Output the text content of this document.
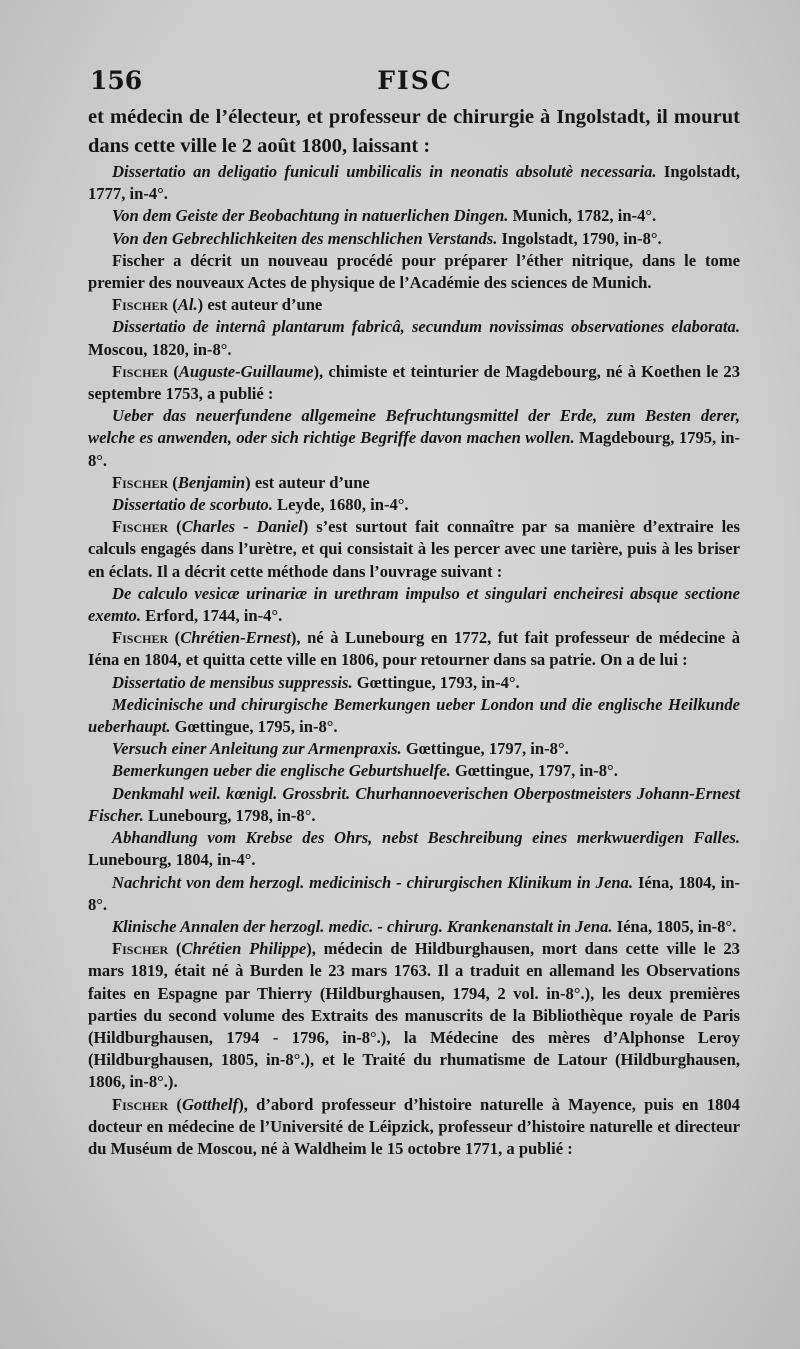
156	FISC

et médecin de l’électeur, et professeur de chirurgie à Ingolstadt, il mourut dans cette ville le 2 août 1800, laissant :

Dissertatio an deligatio funiculi umbilicalis in neonatis absolutè necessaria. Ingolstadt, 1777, in-4°.

Von dem Geiste der Beobachtung in natuerlichen Dingen. Munich, 1782, in-4°.

Von den Gebrechlichkeiten des menschlichen Verstands. Ingolstadt, 1790, in-8°.

Fischer a décrit un nouveau procédé pour préparer l’éther nitrique, dans le tome premier des nouveaux Actes de physique de l’Académie des sciences de Munich.

Fischer (Al.) est auteur d’une

Dissertatio de internâ plantarum fabricâ, secundum novissimas observationes elaborata. Moscou, 1820, in-8°.

Fischer (Auguste-Guillaume), chimiste et teinturier de Magdebourg, né à Koethen le 23 septembre 1753, a publié :

Ueber das neuerfundene allgemeine Befruchtungsmittel der Erde, zum Besten derer, welche es anwenden, oder sich richtige Begriffe davon machen wollen. Magdebourg, 1795, in-8°.

Fischer (Benjamin) est auteur d’une

Dissertatio de scorbuto. Leyde, 1680, in-4°.

Fischer (Charles - Daniel) s’est surtout fait connaître par sa manière d’extraire les calculs engagés dans l’urètre, et qui consistait à les percer avec une tarière, puis à les briser en éclats. Il a décrit cette méthode dans l’ouvrage suivant :

De calculo vesicæ urinariæ in urethram impulso et singulari encheiresi absque sectione exemto. Erford, 1744, in-4°.

Fischer (Chrétien-Ernest), né à Lunebourg en 1772, fut fait professeur de médecine à Iéna en 1804, et quitta cette ville en 1806, pour retourner dans sa patrie. On a de lui :

Dissertatio de mensibus suppressis. Gœttingue, 1793, in-4°.

Medicinische und chirurgische Bemerkungen ueber London und die englische Heilkunde ueberhaupt. Gœttingue, 1795, in-8°.

Versuch einer Anleitung zur Armenpraxis. Gœttingue, 1797, in-8°.

Bemerkungen ueber die englische Geburtshuelfe. Gœttingue, 1797, in-8°.

Denkmahl weil. kœnigl. Grossbrit. Churhannoeverischen Oberpostmeisters Johann-Ernest Fischer. Lunebourg, 1798, in-8°.

Abhandlung vom Krebse des Ohrs, nebst Beschreibung eines merkwuerdigen Falles. Lunebourg, 1804, in-4°.

Nachricht von dem herzogl. medicinisch - chirurgischen Klinikum in Jena. Iéna, 1804, in-8°.

Klinische Annalen der herzogl. medic. - chirurg. Krankenanstalt in Jena. Iéna, 1805, in-8°.

Fischer (Chrétien Philippe), médecin de Hildburghausen, mort dans cette ville le 23 mars 1819, était né à Burden le 23 mars 1763. Il a traduit en allemand les Observations faites en Espagne par Thierry (Hildburghausen, 1794, 2 vol. in-8°.), les deux premières parties du second volume des Extraits des manuscrits de la Bibliothèque royale de Paris (Hildburghausen, 1794 - 1796, in-8°.), la Médecine des mères d’Alphonse Leroy (Hildburghausen, 1805, in-8°.), et le Traité du rhumatisme de Latour (Hildburghausen, 1806, in-8°.).

Fischer (Gotthelf), d’abord professeur d’histoire naturelle à Mayence, puis en 1804 docteur en médecine de l’Université de Léipzick, professeur d’histoire naturelle et directeur du Muséum de Moscou, né à Waldheim le 15 octobre 1771, a publié :
